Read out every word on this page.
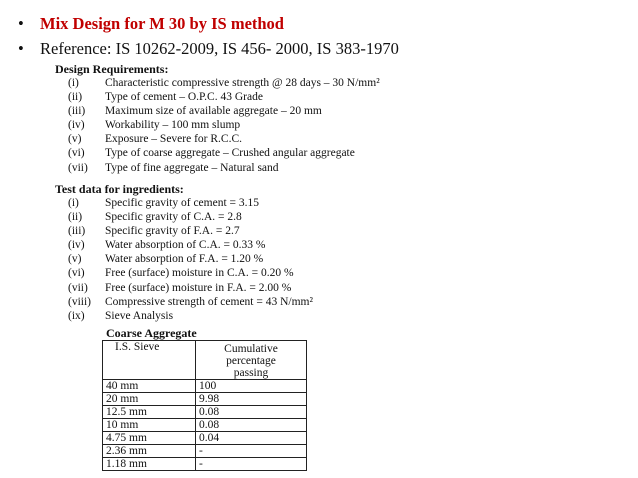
• Mix Design for M 30 by IS method
• Reference: IS 10262-2009, IS 456- 2000, IS 383-1970
Design Requirements:
(i)	Characteristic compressive strength @ 28 days – 30 N/mm²
(ii)	Type of cement – O.P.C. 43 Grade
(iii)	Maximum size of available aggregate – 20 mm
(iv)	Workability – 100 mm slump
(v)	Exposure – Severe for R.C.C.
(vi)	Type of coarse aggregate – Crushed angular aggregate
(vii)	Type of fine aggregate – Natural sand
Test data for ingredients:
(i)	Specific gravity of cement = 3.15
(ii)	Specific gravity of C.A. = 2.8
(iii)	Specific gravity of F.A. = 2.7
(iv)	Water absorption of C.A. = 0.33 %
(v)	Water absorption of F.A. = 1.20 %
(vi)	Free (surface) moisture in C.A. = 0.20 %
(vii)	Free (surface) moisture in F.A. = 2.00 %
(viii)	Compressive strength of cement = 43 N/mm²
(ix)	Sieve Analysis
Coarse Aggregate
I.S. Sieve	Cumulative
percentage
passing

40 mm	100
20 mm	9.98
12.5 mm	0.08
10 mm	0.08
4.75 mm	0.04
2.36 mm	-
1.18 mm	-
